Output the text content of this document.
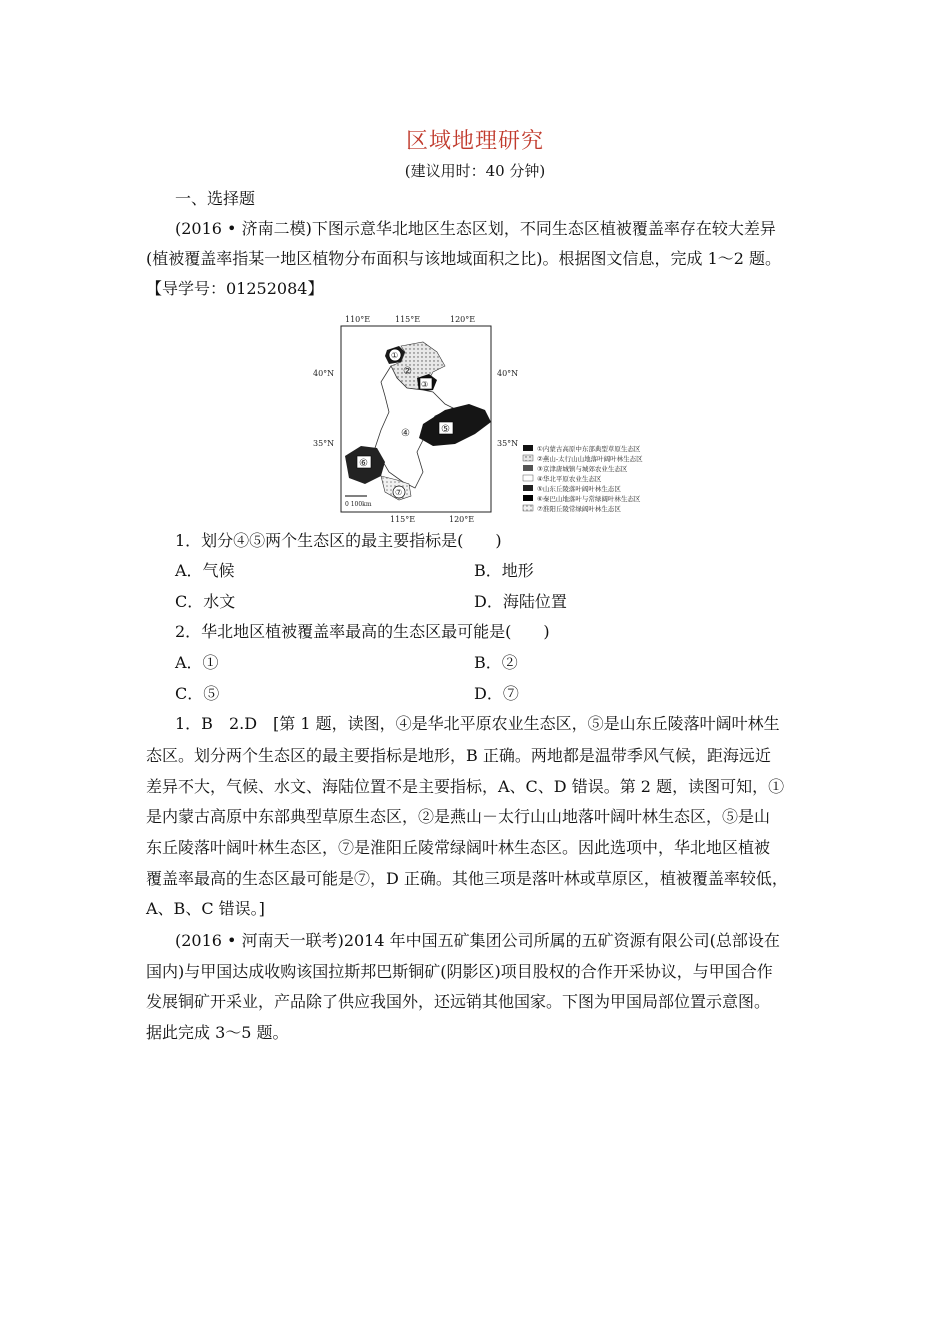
区域地理研究
(建议用时：40 分钟)
一、选择题
(2016 • 济南二模)下图示意华北地区生态区划，不同生态区植被覆盖率存在较大差异
(植被覆盖率指某一地区植物分布面积与该地域面积之比)。根据图文信息，完成 1～2 题。
【导学号：01252084】
110°E	115°E	120°E
115°E	120°E
40°N
35°N
40°N
35°N
①
②
③
④	⑤
⑥
⑦
0 100km
①内蒙古高原中东部典型草原生态区
②燕山-太行山山地落叶阔叶林生态区
③京津唐城镇与城郊农业生态区
④华北平原农业生态区
⑤山东丘陵落叶阔叶林生态区
⑥秦巴山地落叶与常绿阔叶林生态区
⑦淮阳丘陵常绿阔叶林生态区
1．划分④⑤两个生态区的最主要指标是(　　)
A．气候	B．地形
C．水文	D．海陆位置
2．华北地区植被覆盖率最高的生态区最可能是(　　)
A．①	B．②
C．⑤	D．⑦
1．B　2.D　[第 1 题，读图，④是华北平原农业生态区，⑤是山东丘陵落叶阔叶林生
态区。划分两个生态区的最主要指标是地形，B 正确。两地都是温带季风气候，距海远近
差异不大，气候、水文、海陆位置不是主要指标，A、C、D 错误。第 2 题，读图可知，①
是内蒙古高原中东部典型草原生态区，②是燕山－太行山山地落叶阔叶林生态区，⑤是山
东丘陵落叶阔叶林生态区，⑦是淮阳丘陵常绿阔叶林生态区。因此选项中，华北地区植被
覆盖率最高的生态区最可能是⑦，D 正确。其他三项是落叶林或草原区，植被覆盖率较低，
A、B、C 错误。]
(2016 • 河南天一联考)2014 年中国五矿集团公司所属的五矿资源有限公司(总部设在
国内)与甲国达成收购该国拉斯邦巴斯铜矿(阴影区)项目股权的合作开采协议，与甲国合作
发展铜矿开采业，产品除了供应我国外，还远销其他国家。下图为甲国局部位置示意图。
据此完成 3～5 题。
